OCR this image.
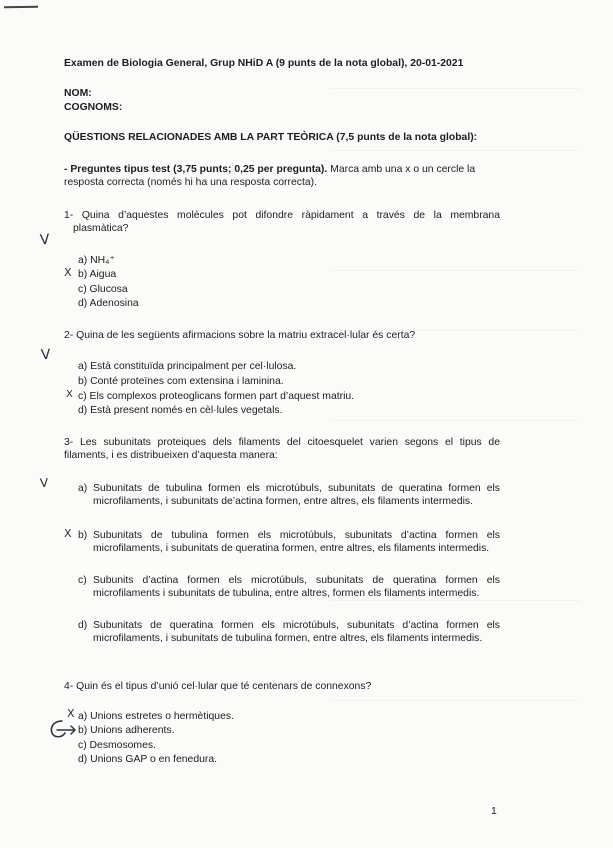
Examen de Biologia General, Grup NHiD A (9 punts de la nota global), 20-01-2021
NOM:
COGNOMS:
QÜESTIONS RELACIONADES AMB LA PART TEÒRICA (7,5 punts de la nota global):
- Preguntes tipus test (3,75 punts; 0,25 per pregunta). Marca amb una x o un cercle la
resposta correcta (només hi ha una resposta correcta).
1- Quina d’aquestes molècules pot difondre ràpidament a través de la membrana
plasmàtica?
a) NH₄⁺
b) Aigua
c) Glucosa
d) Adenosina
2- Quina de les següents afirmacions sobre la matriu extracel·lular és certa?
a) Està constituïda principalment per cel·lulosa.
b) Conté proteïnes com extensina i laminina.
c) Els complexos proteoglicans formen part d’aquest matriu.
d) Està present només en cèl·lules vegetals.
3- Les subunitats proteiques dels filaments del citoesquelet varien segons el tipus de
filaments, i es distribueixen d’aquesta manera:
a) Subunitats de tubulina formen els microtúbuls, subunitats de queratina formen els microfilaments, i subunitats de’actina formen, entre altres, els filaments intermedis.
b) Subunitats de tubulina formen els microtúbuls, subunitats d’actina formen els microfilaments, i subunitats de queratina formen, entre altres, els filaments intermedis.
c) Subunits d’actina formen els microtúbuls, subunitats de queratina formen els microfilaments i subunitats de tubulina, entre altres, formen els filaments intermedis.
d) Subunitats de queratina formen els microtúbuls, subunitats d’actina formen els microfilaments, i subunitats de tubulina formen, entre altres, els filaments intermedis.
4- Quin és el tipus d’unió cel·lular que té centenars de connexons?
a) Unions estretes o hermètiques.
b) Unions adherents.
c) Desmosomes.
d) Unions GAP o en fenedura.
V
X
V
X
V
X
X
1
